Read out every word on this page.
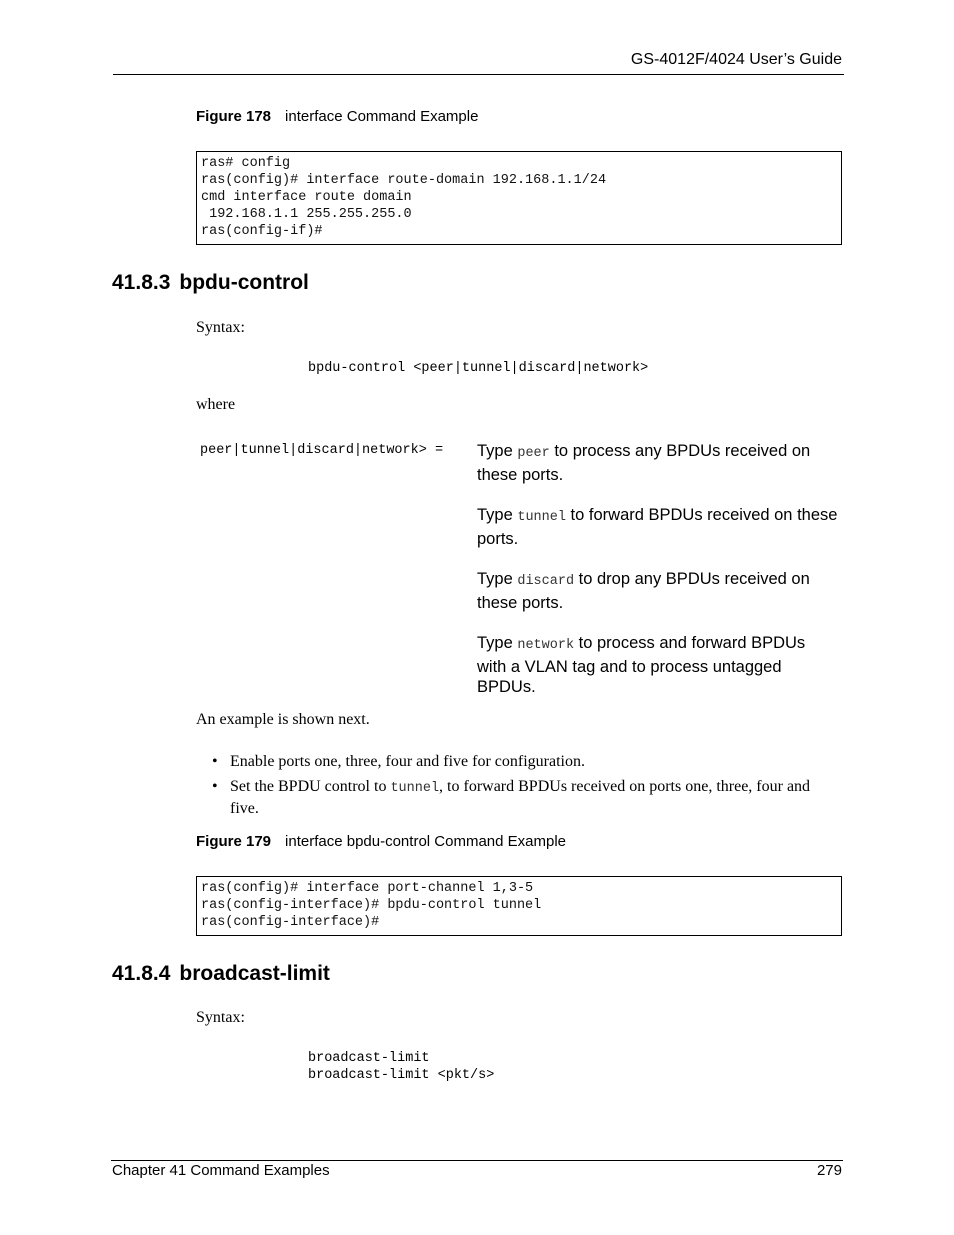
GS-4012F/4024 User’s Guide
Figure 178 interface Command Example
ras# config
ras(config)# interface route-domain 192.168.1.1/24
cmd interface route domain
192.168.1.1 255.255.255.0
ras(config-if)#
41.8.3 bpdu-control
Syntax:
bpdu-control <peer|tunnel|discard|network>
where
peer|tunnel|discard|network> = Type peer to process any BPDUs received on these ports.
Type tunnel to forward BPDUs received on these ports.
Type discard to drop any BPDUs received on these ports.
Type network to process and forward BPDUs with a VLAN tag and to process untagged BPDUs.
An example is shown next.
• Enable ports one, three, four and five for configuration.
• Set the BPDU control to tunnel, to forward BPDUs received on ports one, three, four and five.
Figure 179 interface bpdu-control Command Example
ras(config)# interface port-channel 1,3-5
ras(config-interface)# bpdu-control tunnel
ras(config-interface)#
41.8.4 broadcast-limit
Syntax:
broadcast-limit
broadcast-limit <pkt/s>
Chapter 41 Command Examples	279
